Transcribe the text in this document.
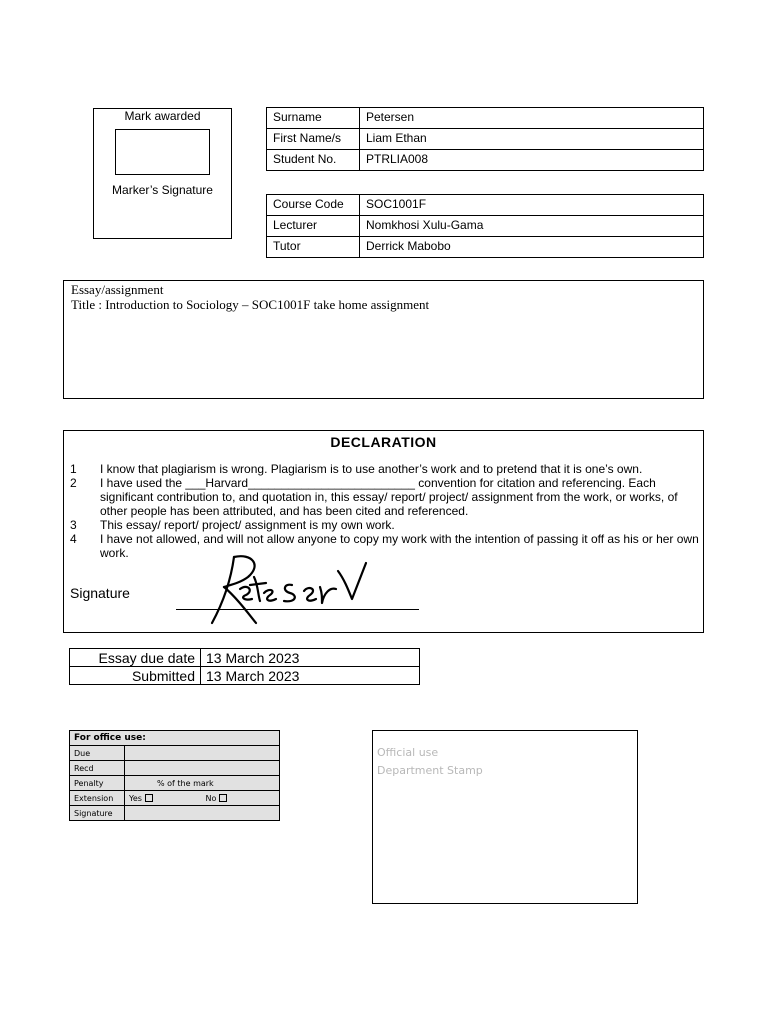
Mark awarded
Marker’s Signature
Surname	Petersen
First Name/s	Liam Ethan
Student No.	PTRLIA008
Course Code	SOC1001F
Lecturer	Nomkhosi Xulu-Gama
Tutor	Derrick Mabobo
Essay/assignment
Title : Introduction to Sociology – SOC1001F take home assignment
DECLARATION
1	I know that plagiarism is wrong. Plagiarism is to use another’s work and to pretend that it is one’s own.
2	I have used the ___Harvard_________________________ convention for citation and referencing. Each significant contribution to, and quotation in, this essay/ report/ project/ assignment from the work, or works, of other people has been attributed, and has been cited and referenced.
3	This essay/ report/ project/ assignment is my own work.
4	I have not allowed, and will not allow anyone to copy my work with the intention of passing it off as his or her own work.
Signature
Essay due date	13 March 2023
Submitted	13 March 2023
For office use:	
Due	
Recd	
Penalty	% of the mark
Extension	Yes No
Signature	
Official use
Department Stamp
